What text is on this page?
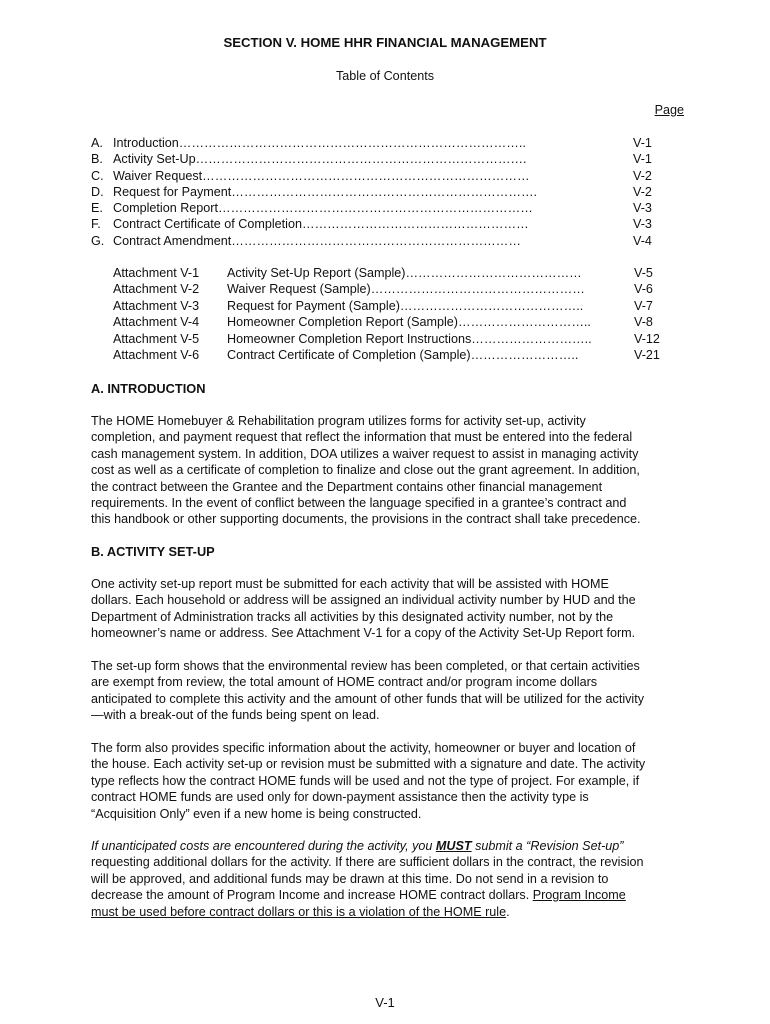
SECTION V. HOME HHR FINANCIAL MANAGEMENT
Table of Contents
Page
A. Introduction………………………………………………………………………..	V-1
B. Activity Set-Up…………………………………………………………………….	V-1
C. Waiver Request……………………………………………………………………	V-2
D. Request for Payment……………………………………………………………….	V-2
E. Completion Report…………………………………………………………………	V-3
F. Contract Certificate of Completion………………………………………………	V-3
G. Contract Amendment……………………………………………………………	V-4
Attachment V-1	Activity Set-Up Report (Sample)……………………………………	V-5
Attachment V-2	Waiver Request (Sample)……………………………………………	V-6
Attachment V-3	Request for Payment (Sample)……………………………………..	V-7
Attachment V-4	Homeowner Completion Report (Sample)…………………………..	V-8
Attachment V-5	Homeowner Completion Report Instructions………………………..	V-12
Attachment V-6	Contract Certificate of Completion (Sample)……………………..	V-21
A. INTRODUCTION
The HOME Homebuyer & Rehabilitation program utilizes forms for activity set-up, activity
completion, and payment request that reflect the information that must be entered into the federal
cash management system. In addition, DOA utilizes a waiver request to assist in managing activity
cost as well as a certificate of completion to finalize and close out the grant agreement. In addition,
the contract between the Grantee and the Department contains other financial management
requirements. In the event of conflict between the language specified in a grantee’s contract and
this handbook or other supporting documents, the provisions in the contract shall take precedence.
B. ACTIVITY SET-UP
One activity set-up report must be submitted for each activity that will be assisted with HOME
dollars. Each household or address will be assigned an individual activity number by HUD and the
Department of Administration tracks all activities by this designated activity number, not by the
homeowner’s name or address. See Attachment V-1 for a copy of the Activity Set-Up Report form.
The set-up form shows that the environmental review has been completed, or that certain activities
are exempt from review, the total amount of HOME contract and/or program income dollars
anticipated to complete this activity and the amount of other funds that will be utilized for the activity
—with a break-out of the funds being spent on lead.
The form also provides specific information about the activity, homeowner or buyer and location of
the house. Each activity set-up or revision must be submitted with a signature and date. The activity
type reflects how the contract HOME funds will be used and not the type of project. For example, if
contract HOME funds are used only for down-payment assistance then the activity type is
“Acquisition Only” even if a new home is being constructed.
If unanticipated costs are encountered during the activity, you MUST submit a “Revision Set-up”
requesting additional dollars for the activity. If there are sufficient dollars in the contract, the revision
will be approved, and additional funds may be drawn at this time. Do not send in a revision to
decrease the amount of Program Income and increase HOME contract dollars. Program Income
must be used before contract dollars or this is a violation of the HOME rule.
V-1
